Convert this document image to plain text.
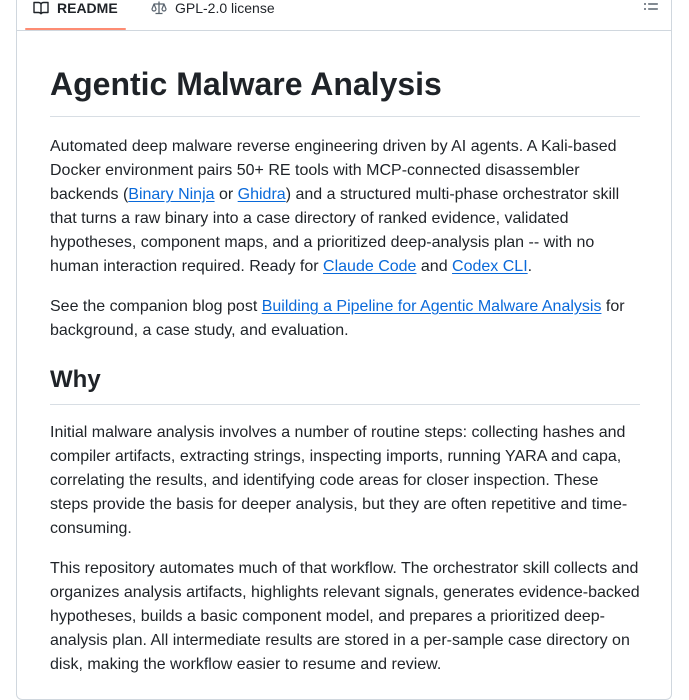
README	GPL-2.0 license
Agentic Malware Analysis

Automated deep malware reverse engineering driven by AI agents. A Kali-based Docker environment pairs 50+ RE tools with MCP-connected disassembler backends (Binary Ninja or Ghidra) and a structured multi-phase orchestrator skill that turns a raw binary into a case directory of ranked evidence, validated hypotheses, component maps, and a prioritized deep-analysis plan -- with no human interaction required. Ready for Claude Code and Codex CLI.

See the companion blog post Building a Pipeline for Agentic Malware Analysis for background, a case study, and evaluation.

Why

Initial malware analysis involves a number of routine steps: collecting hashes and compiler artifacts, extracting strings, inspecting imports, running YARA and capa, correlating the results, and identifying code areas for closer inspection. These steps provide the basis for deeper analysis, but they are often repetitive and time-consuming.

This repository automates much of that workflow. The orchestrator skill collects and organizes analysis artifacts, highlights relevant signals, generates evidence-backed hypotheses, builds a basic component model, and prepares a prioritized deep-analysis plan. All intermediate results are stored in a per-sample case directory on disk, making the workflow easier to resume and review.
